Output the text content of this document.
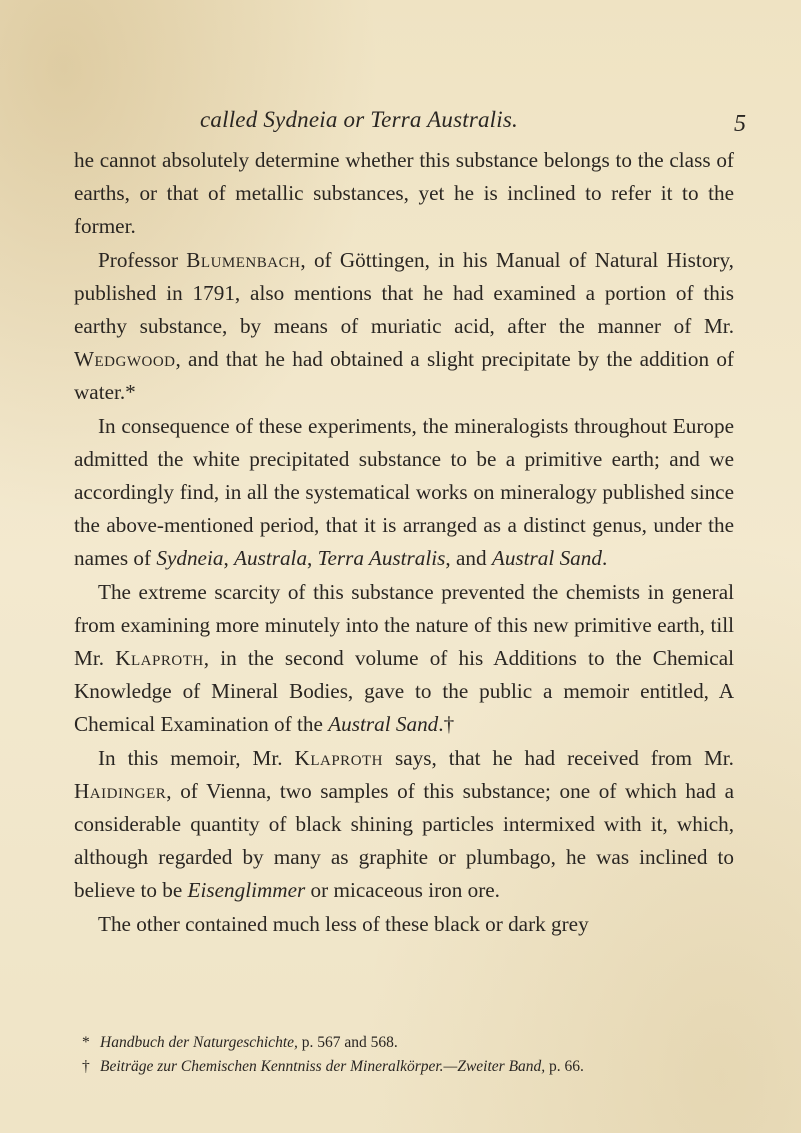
called Sydneia or Terra Australis.	5

he cannot absolutely determine whether this substance belongs to the class of earths, or that of metallic substances, yet he is inclined to refer it to the former.

Professor Blumenbach, of Göttingen, in his Manual of Natural History, published in 1791, also mentions that he had examined a portion of this earthy substance, by means of muriatic acid, after the manner of Mr. Wedgwood, and that he had obtained a slight precipitate by the addition of water.*

In consequence of these experiments, the mineralogists throughout Europe admitted the white precipitated substance to be a primitive earth; and we accordingly find, in all the systematical works on mineralogy published since the above-mentioned period, that it is arranged as a distinct genus, under the names of Sydneia, Australa, Terra Australis, and Austral Sand.

The extreme scarcity of this substance prevented the chemists in general from examining more minutely into the nature of this new primitive earth, till Mr. Klaproth, in the second volume of his Additions to the Chemical Knowledge of Mineral Bodies, gave to the public a memoir entitled, A Chemical Examination of the Austral Sand.†

In this memoir, Mr. Klaproth says, that he had received from Mr. Haidinger, of Vienna, two samples of this substance; one of which had a considerable quantity of black shining particles intermixed with it, which, although regarded by many as graphite or plumbago, he was inclined to believe to be Eisenglimmer or micaceous iron ore.

The other contained much less of these black or dark grey

* Handbuch der Naturgeschichte, p. 567 and 568.

† Beiträge zur Chemischen Kenntniss der Mineralkörper.—Zweiter Band, p. 66.
